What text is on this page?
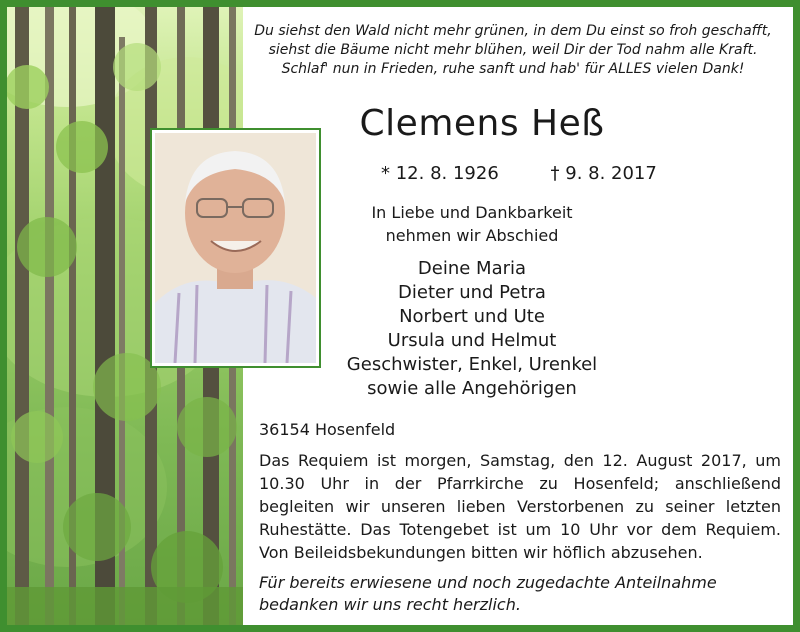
Du siehst den Wald nicht mehr grünen, in dem Du einst so froh geschafft,
siehst die Bäume nicht mehr blühen, weil Dir der Tod nahm alle Kraft.
Schlaf' nun in Frieden, ruhe sanft und hab' für ALLES vielen Dank!
Clemens Heß
* 12. 8. 1926	† 9. 8. 2017
In Liebe und Dankbarkeit
nehmen wir Abschied
Deine Maria
Dieter und Petra
Norbert und Ute
Ursula und Helmut
Geschwister, Enkel, Urenkel
sowie alle Angehörigen
36154 Hosenfeld

Das Requiem ist morgen, Samstag, den 12. August 2017, um 10.30 Uhr in der Pfarrkirche zu Hosenfeld; anschließend begleiten wir unseren lieben Verstorbenen zu seiner letzten Ruhestätte. Das Totengebet ist um 10 Uhr vor dem Requiem. Von Beileidsbekundungen bitten wir höflich abzusehen.

Für bereits erwiesene und noch zugedachte Anteilnahme bedanken wir uns recht herzlich.
